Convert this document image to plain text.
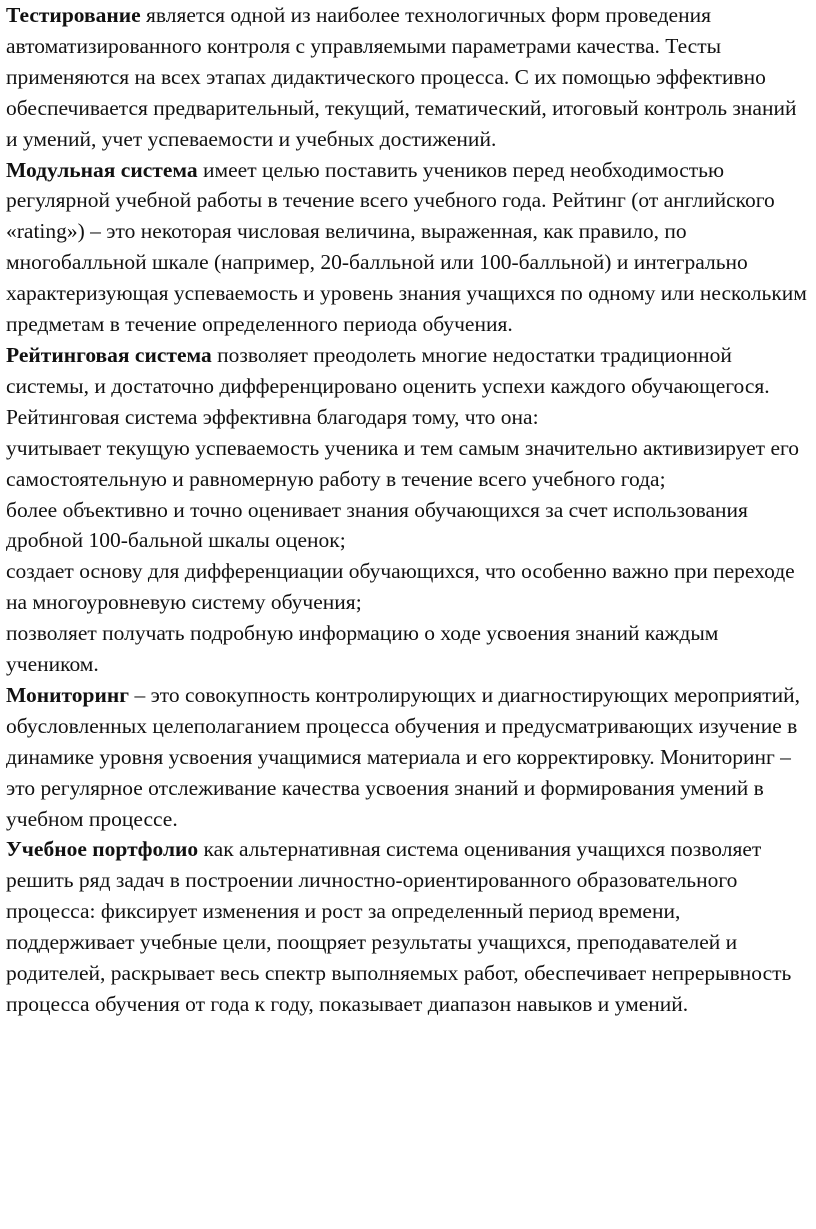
Тестирование является одной из наиболее технологичных форм проведения автоматизированного контроля с управляемыми параметрами качества. Тесты применяются на всех этапах дидактического процесса. С их помощью эффективно обеспечивается предварительный, текущий, тематический, итоговый контроль знаний и умений, учет успеваемости и учебных достижений.

Модульная система имеет целью поставить учеников перед необходимостью регулярной учебной работы в течение всего учебного года. Рейтинг (от английского «rating») – это некоторая числовая величина, выраженная, как правило, по многобалльной шкале (например, 20-балльной или 100-балльной) и интегрально характеризующая успеваемость и уровень знания учащихся по одному или нескольким предметам в течение определенного периода обучения.

Рейтинговая система позволяет преодолеть многие недостатки традиционной системы, и достаточно дифференцировано оценить успехи каждого обучающегося. Рейтинговая система эффективна благодаря тому, что она:

учитывает текущую успеваемость ученика и тем самым значительно активизирует его самостоятельную и равномерную работу в течение всего учебного года;

более объективно и точно оценивает знания обучающихся за счет использования дробной 100-бальной шкалы оценок;

создает основу для дифференциации обучающихся, что особенно важно при переходе на многоуровневую систему обучения;

позволяет получать подробную информацию о ходе усвоения знаний каждым учеником.

Мониторинг – это совокупность контролирующих и диагностирующих мероприятий, обусловленных целеполаганием процесса обучения и предусматривающих изучение в динамике уровня усвоения учащимися материала и его корректировку. Мониторинг – это регулярное отслеживание качества усвоения знаний и формирования умений в учебном процессе.

Учебное портфолио как альтернативная система оценивания учащихся позволяет решить ряд задач в построении личностно-ориентированного образовательного процесса: фиксирует изменения и рост за определенный период времени, поддерживает учебные цели, поощряет результаты учащихся, преподавателей и родителей, раскрывает весь спектр выполняемых работ, обеспечивает непрерывность процесса обучения от года к году, показывает диапазон навыков и умений.
